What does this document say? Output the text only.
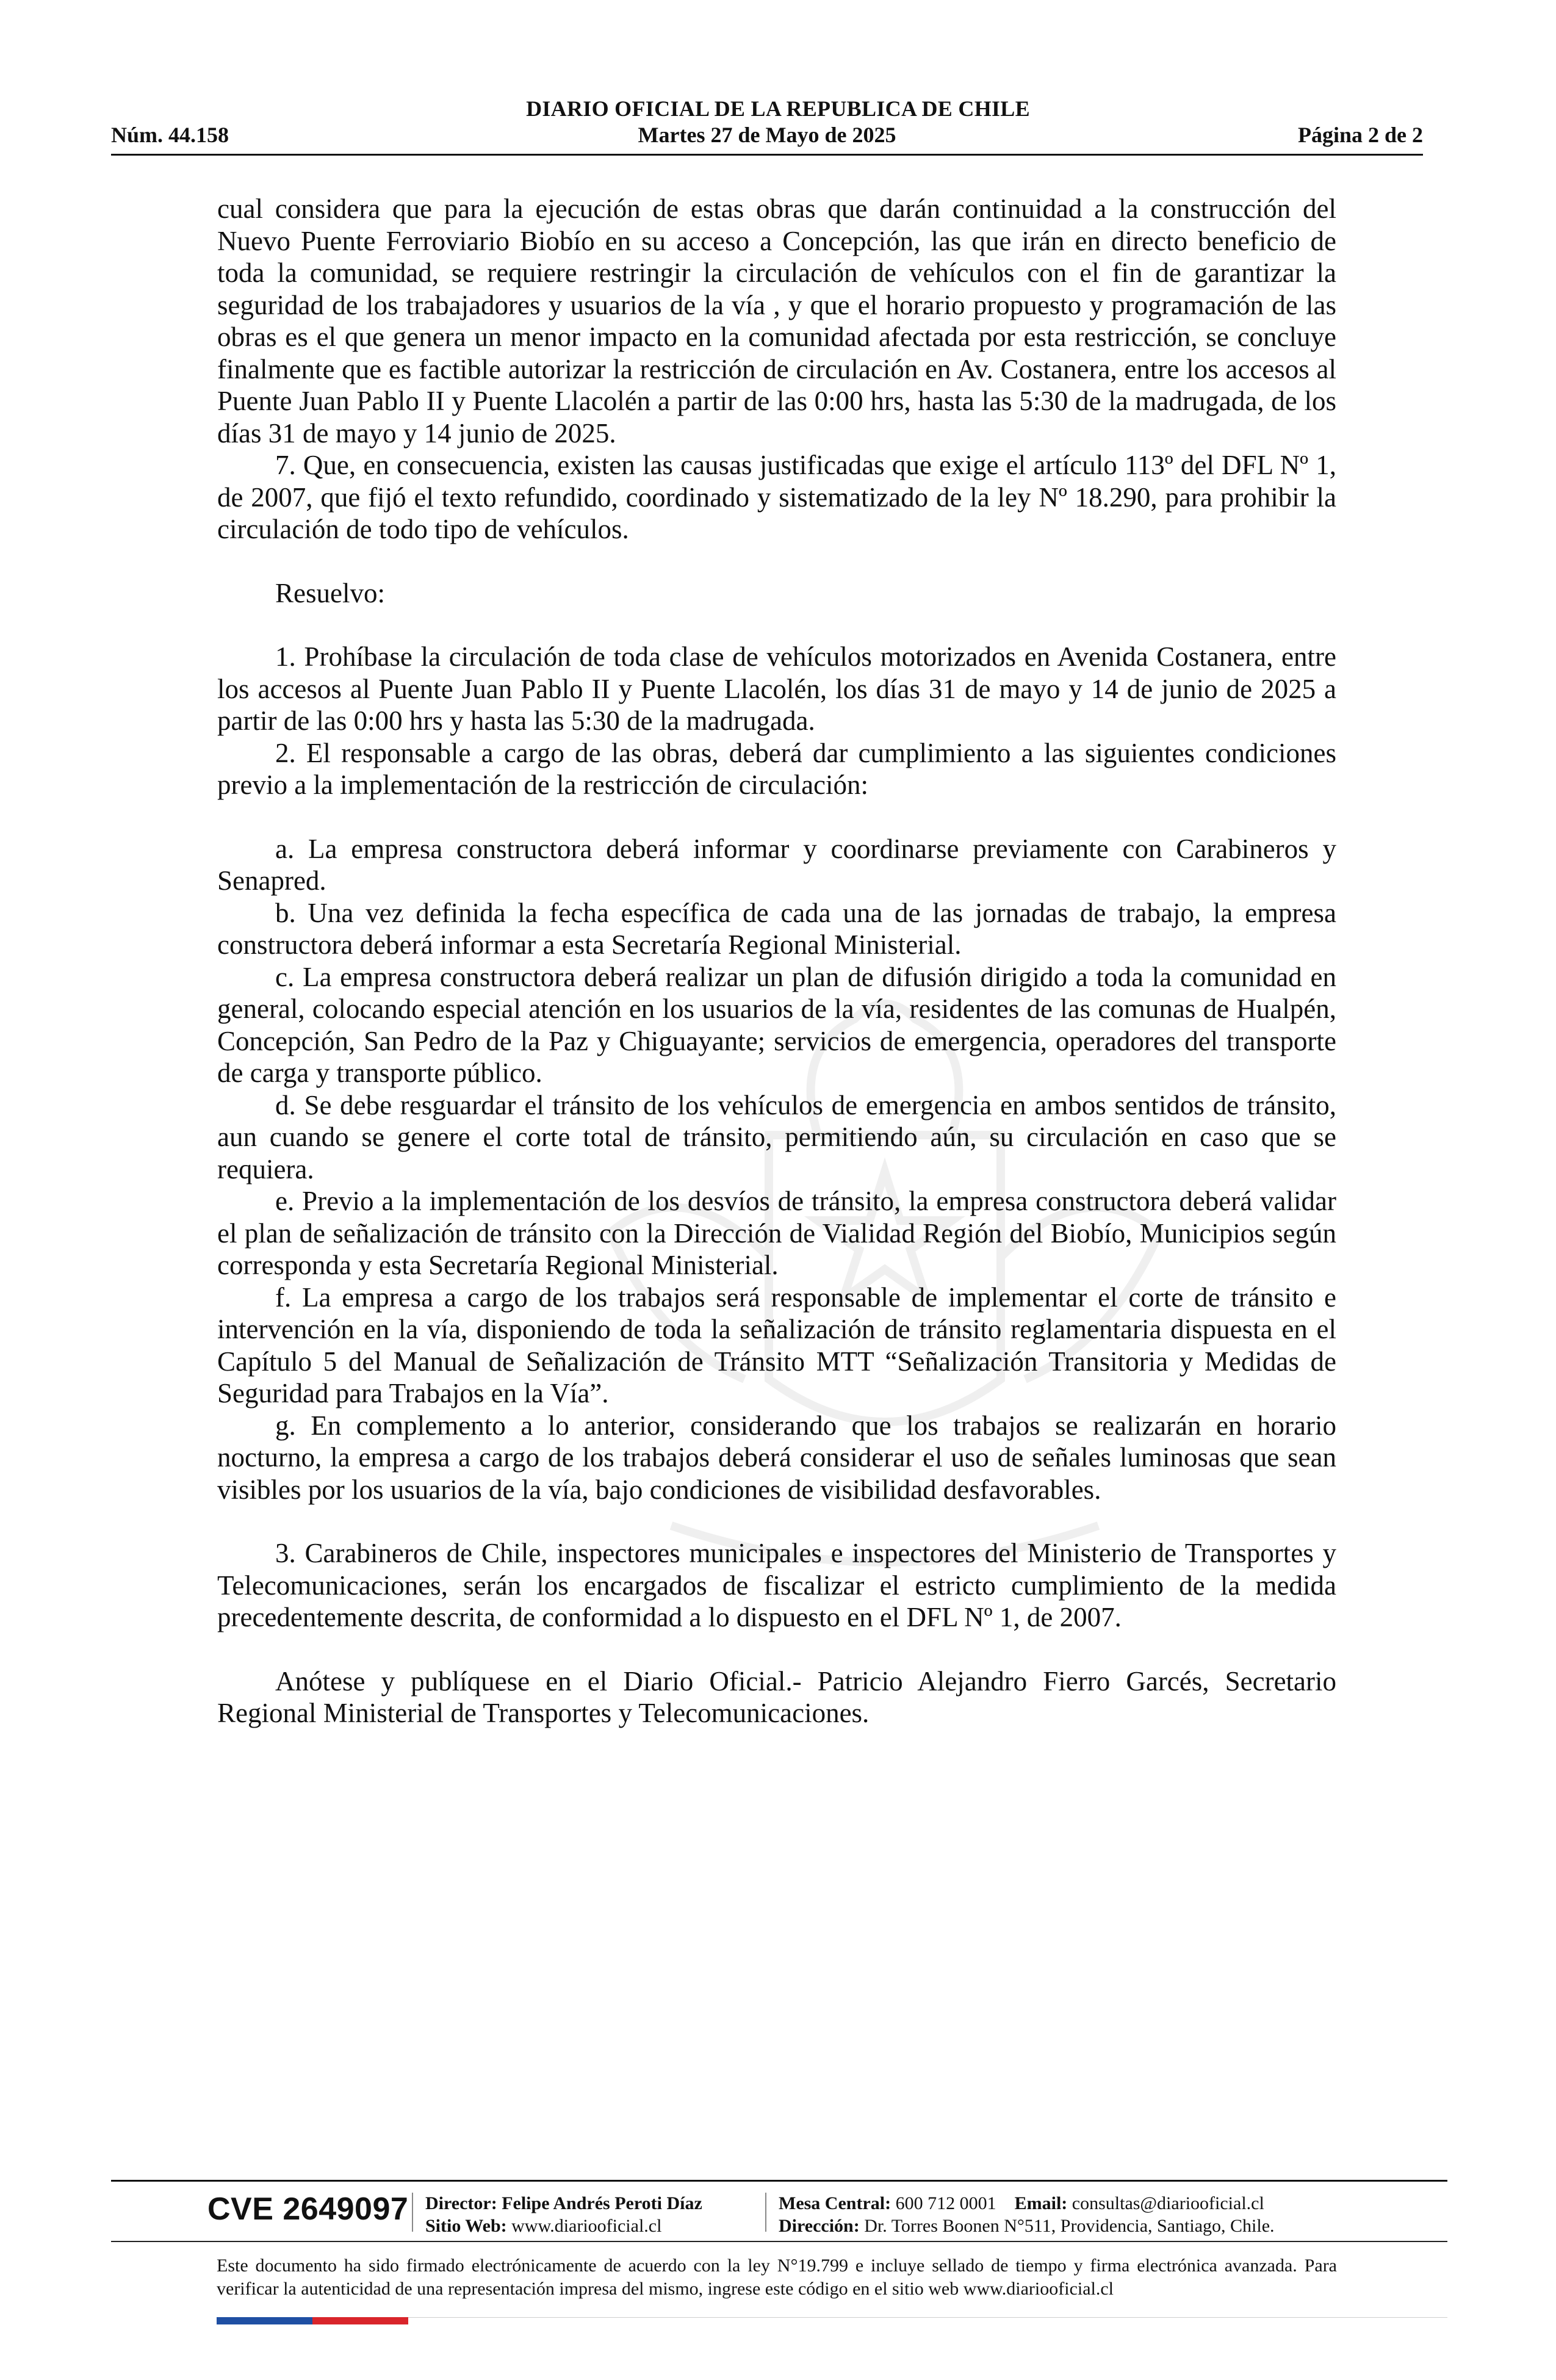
DIARIO OFICIAL DE LA REPUBLICA DE CHILE
Núm. 44.158	Martes 27 de Mayo de 2025	Página 2 de 2

cual considera que para la ejecución de estas obras que darán continuidad a la construcción del Nuevo Puente Ferroviario Biobío en su acceso a Concepción, las que irán en directo beneficio de toda la comunidad, se requiere restringir la circulación de vehículos con el fin de garantizar la seguridad de los trabajadores y usuarios de la vía , y que el horario propuesto y programación de las obras es el que genera un menor impacto en la comunidad afectada por esta restricción, se concluye finalmente que es factible autorizar la restricción de circulación en Av. Costanera, entre los accesos al Puente Juan Pablo II y Puente Llacolén a partir de las 0:00 hrs, hasta las 5:30 de la madrugada, de los días 31 de mayo y 14 junio de 2025.

7. Que, en consecuencia, existen las causas justificadas que exige el artículo 113º del DFL Nº 1, de 2007, que fijó el texto refundido, coordinado y sistematizado de la ley Nº 18.290, para prohibir la circulación de todo tipo de vehículos.

Resuelvo:

1. Prohíbase la circulación de toda clase de vehículos motorizados en Avenida Costanera, entre los accesos al Puente Juan Pablo II y Puente Llacolén, los días 31 de mayo y 14 de junio de 2025 a partir de las 0:00 hrs y hasta las 5:30 de la madrugada.

2. El responsable a cargo de las obras, deberá dar cumplimiento a las siguientes condiciones previo a la implementación de la restricción de circulación:

a. La empresa constructora deberá informar y coordinarse previamente con Carabineros y Senapred.

b. Una vez definida la fecha específica de cada una de las jornadas de trabajo, la empresa constructora deberá informar a esta Secretaría Regional Ministerial.

c. La empresa constructora deberá realizar un plan de difusión dirigido a toda la comunidad en general, colocando especial atención en los usuarios de la vía, residentes de las comunas de Hualpén, Concepción, San Pedro de la Paz y Chiguayante; servicios de emergencia, operadores del transporte de carga y transporte público.

d. Se debe resguardar el tránsito de los vehículos de emergencia en ambos sentidos de tránsito, aun cuando se genere el corte total de tránsito, permitiendo aún, su circulación en caso que se requiera.

e. Previo a la implementación de los desvíos de tránsito, la empresa constructora deberá validar el plan de señalización de tránsito con la Dirección de Vialidad Región del Biobío, Municipios según corresponda y esta Secretaría Regional Ministerial.

f. La empresa a cargo de los trabajos será responsable de implementar el corte de tránsito e intervención en la vía, disponiendo de toda la señalización de tránsito reglamentaria dispuesta en el Capítulo 5 del Manual de Señalización de Tránsito MTT “Señalización Transitoria y Medidas de Seguridad para Trabajos en la Vía”.

g. En complemento a lo anterior, considerando que los trabajos se realizarán en horario nocturno, la empresa a cargo de los trabajos deberá considerar el uso de señales luminosas que sean visibles por los usuarios de la vía, bajo condiciones de visibilidad desfavorables.

3. Carabineros de Chile, inspectores municipales e inspectores del Ministerio de Transportes y Telecomunicaciones, serán los encargados de fiscalizar el estricto cumplimiento de la medida precedentemente descrita, de conformidad a lo dispuesto en el DFL Nº 1, de 2007.

Anótese y publíquese en el Diario Oficial.- Patricio Alejandro Fierro Garcés, Secretario Regional Ministerial de Transportes y Telecomunicaciones.

CVE 2649097 Director: Felipe Andrés Peroti Díaz
Sitio Web: www.diariooficial.cl
Mesa Central: 600 712 0001 Email: consultas@diariooficial.cl
Dirección: Dr. Torres Boonen N°511, Providencia, Santiago, Chile.
Este documento ha sido firmado electrónicamente de acuerdo con la ley N°19.799 e incluye sellado de tiempo y firma electrónica avanzada. Para verificar la autenticidad de una representación impresa del mismo, ingrese este código en el sitio web www.diariooficial.cl
